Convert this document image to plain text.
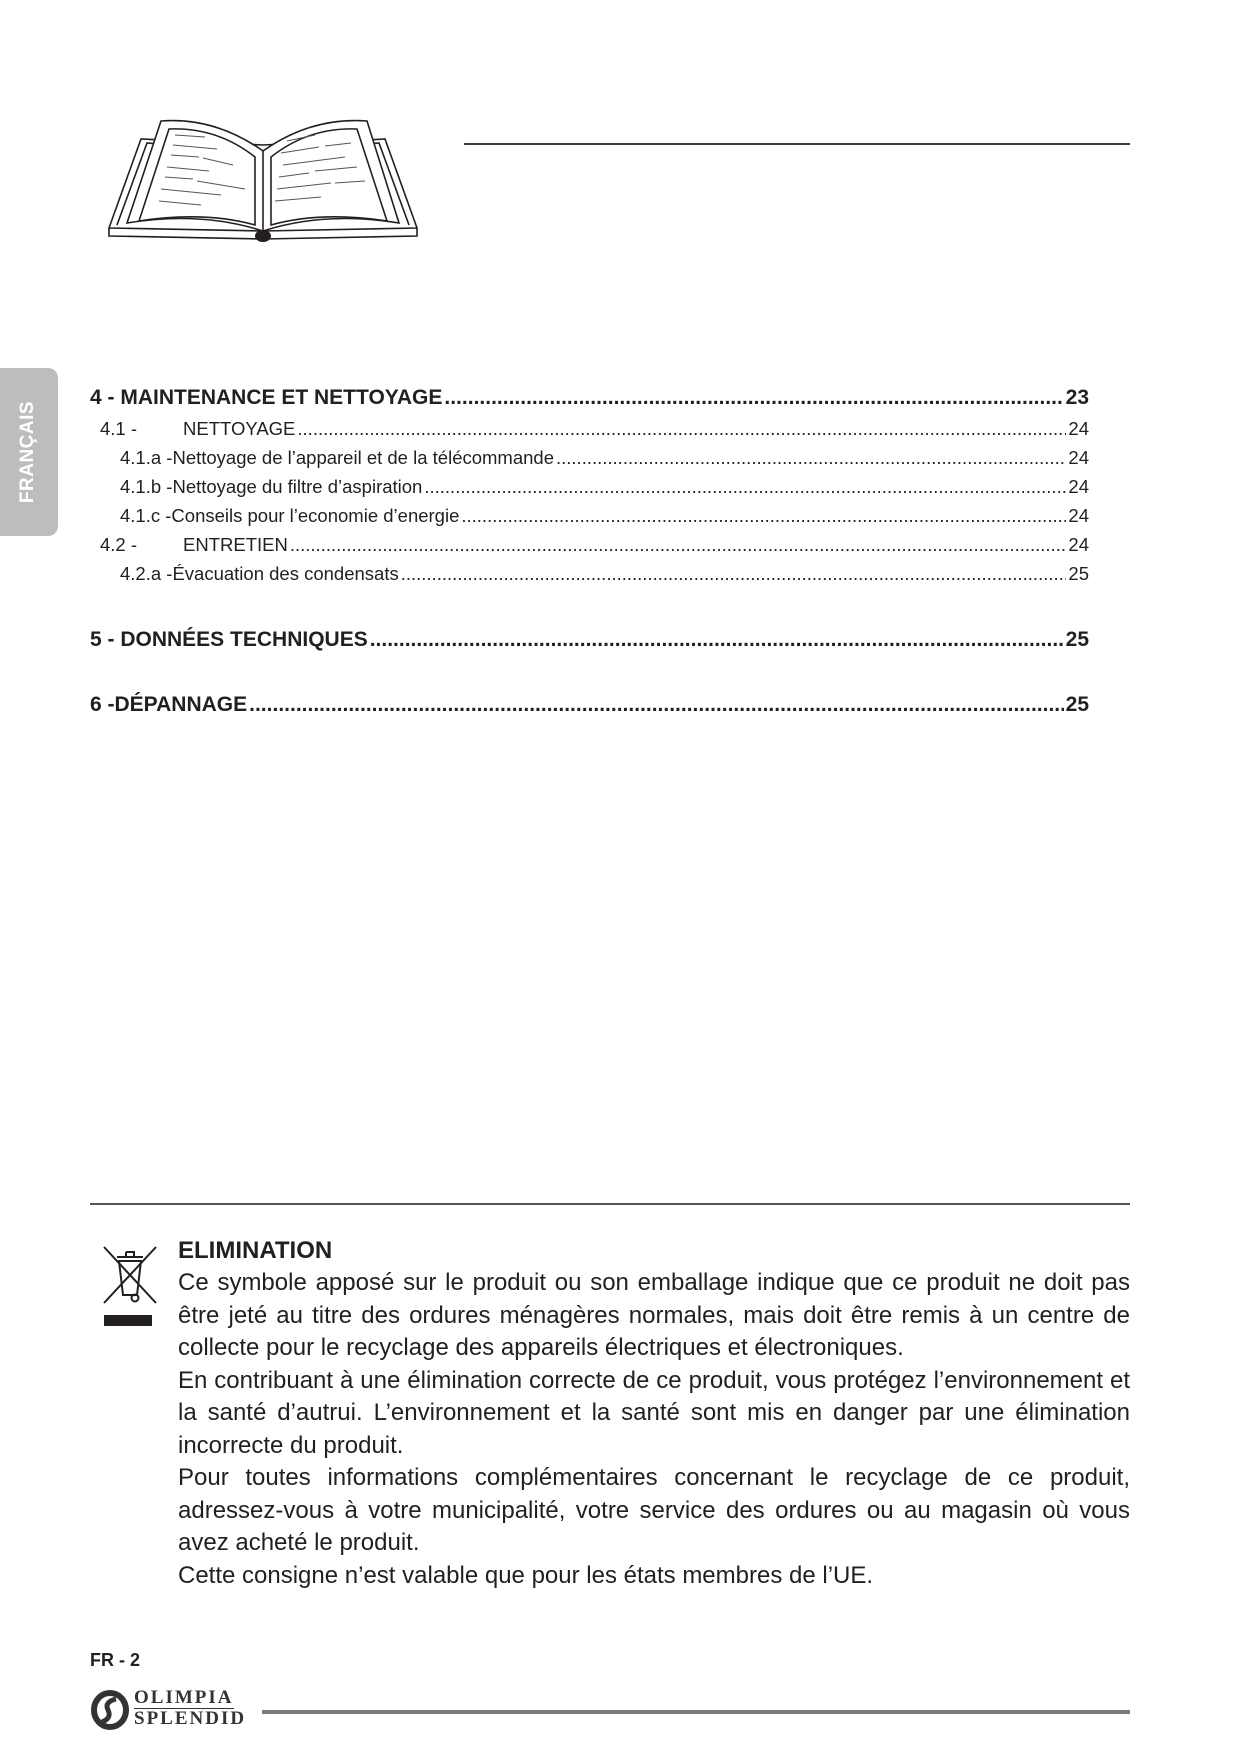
FRANÇAIS
4 - MAINTENANCE ET NETTOYAGE .....	23
4.1 -	NETTOYAGE .....	24
4.1.a - Nettoyage de l’appareil et de la télécommande .....	24
4.1.b - Nettoyage du filtre d’aspiration .....	24
4.1.c - Conseils pour l’economie d’energie .....	24
4.2 -	ENTRETIEN .....	24
4.2.a - Évacuation des condensats .....	25
5 - DONNÉES TECHNIQUES .....	25
6 -DÉPANNAGE .....	25
ELIMINATION

Ce symbole apposé sur le produit ou son emballage indique que ce produit ne doit pas être jeté au titre des ordures ménagères normales, mais doit être remis à un centre de collecte pour le recyclage des appareils électriques et électroniques.

En contribuant à une élimination correcte de ce produit, vous protégez l’environnement et la santé d’autrui. L’environnement et la santé sont mis en danger par une élimination incorrecte du produit.

Pour toutes informations complémentaires concernant le recyclage de ce produit, adressez-vous à votre municipalité, votre service des ordures ou au magasin où vous avez acheté le produit.

Cette consigne n’est valable que pour les états membres de l’UE.

FR - 2
OLIMPIA
SPLENDID
